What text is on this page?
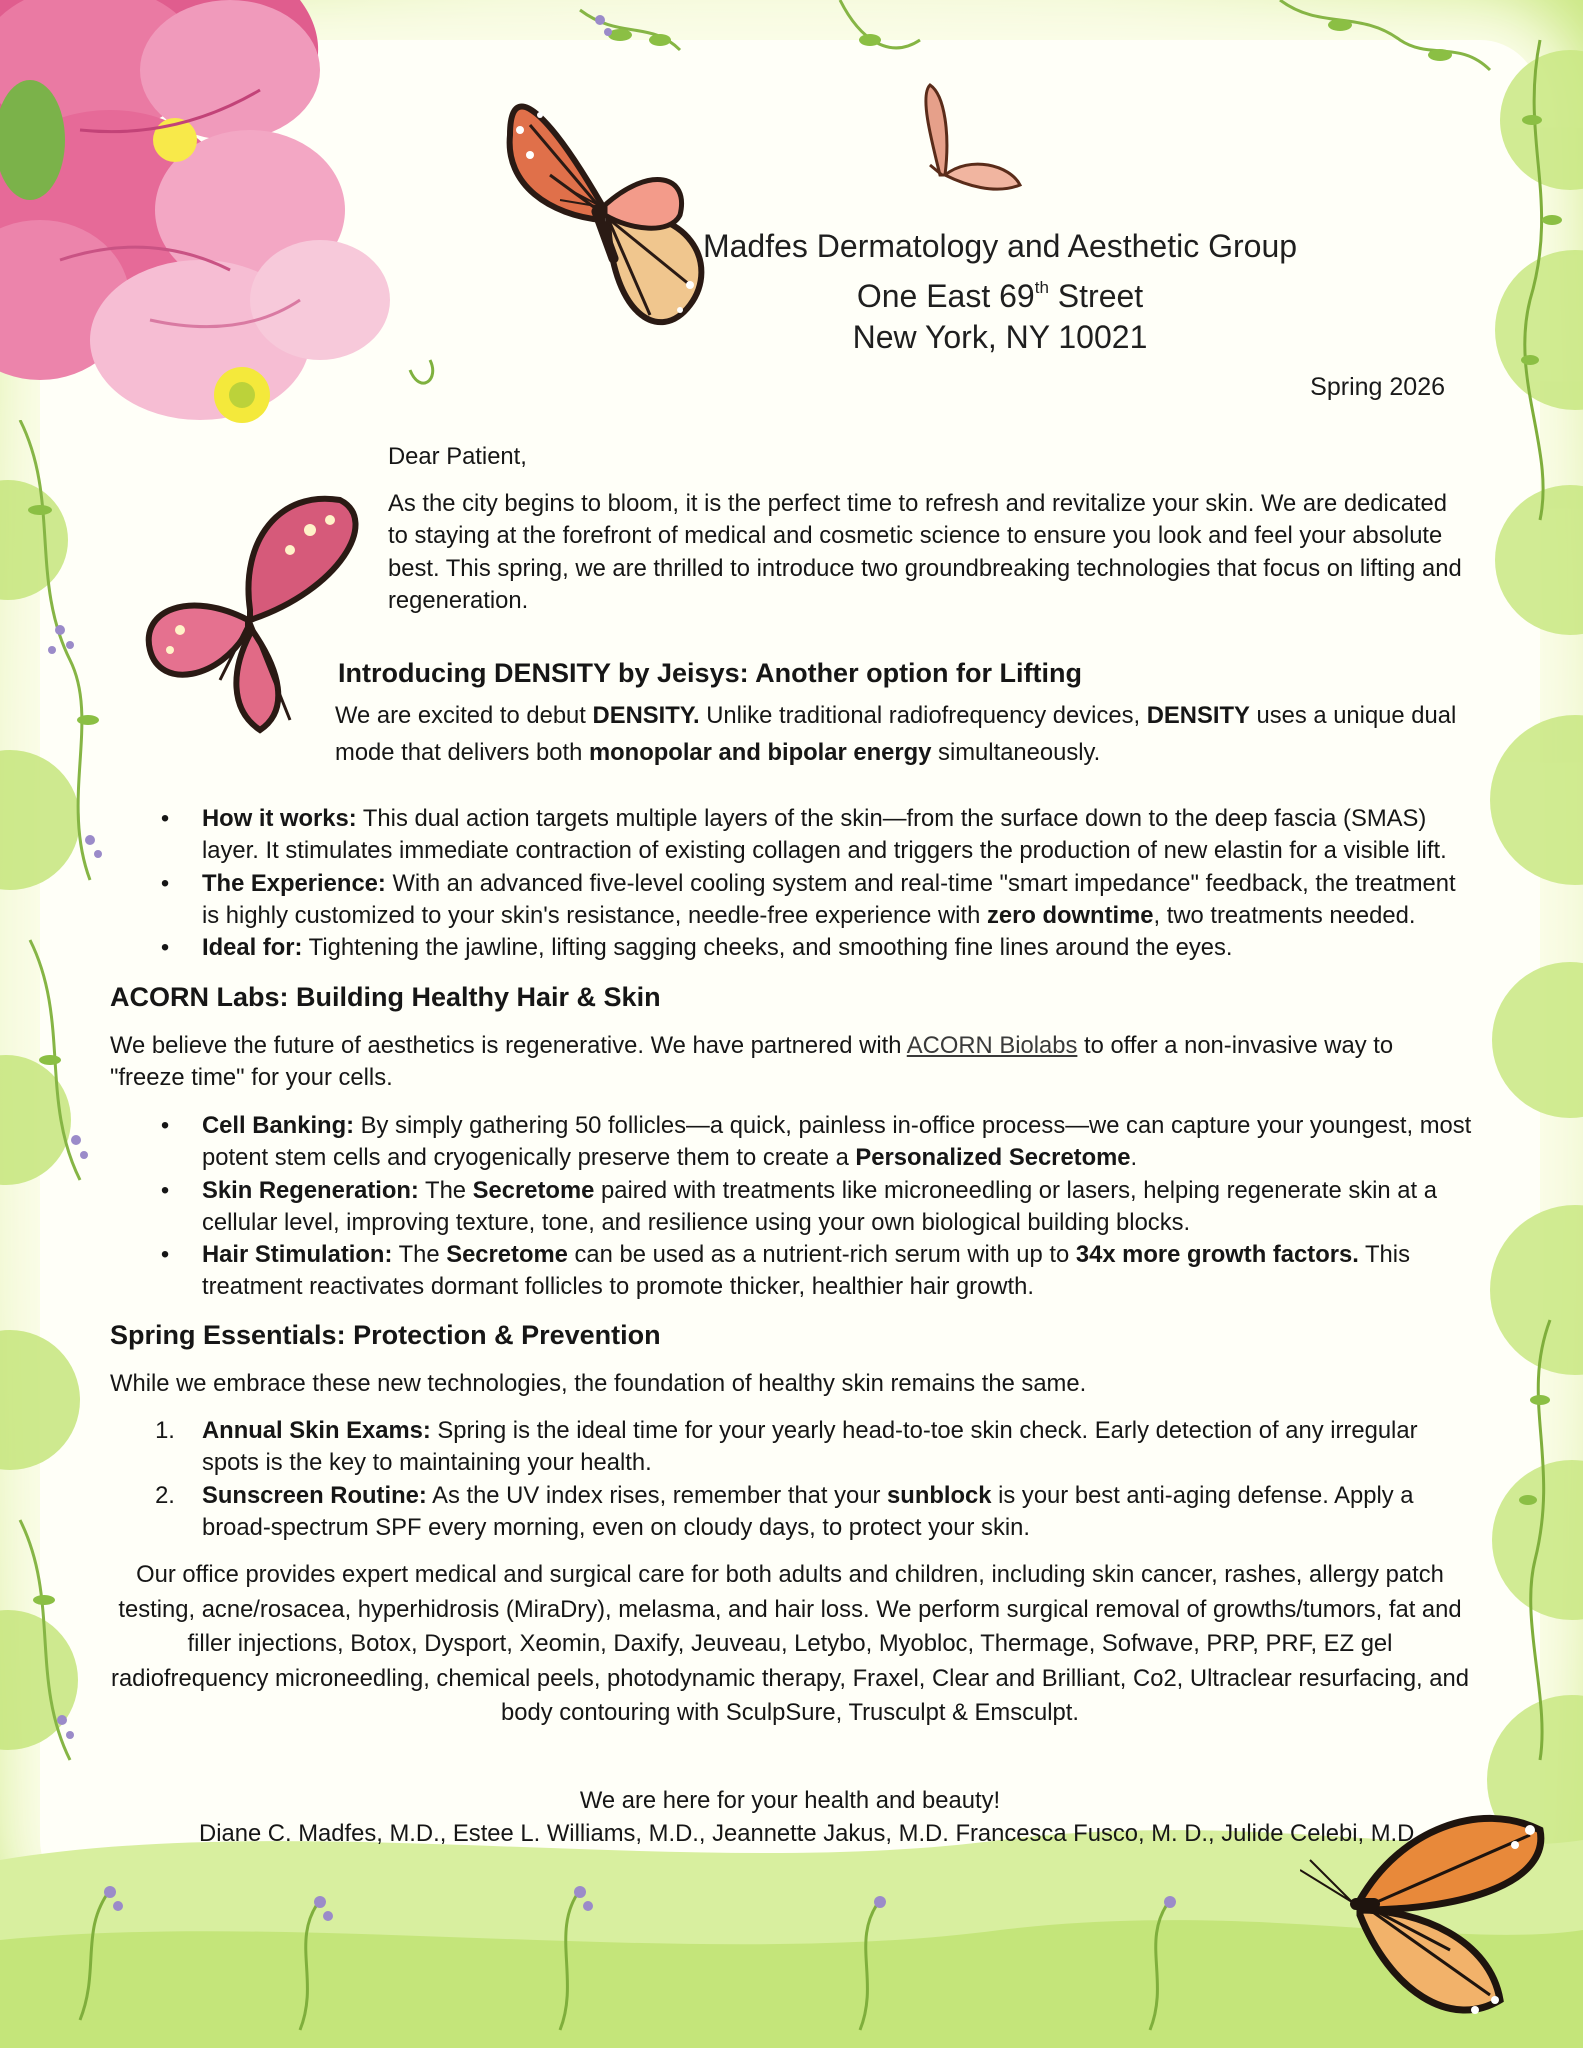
Madfes Dermatology and Aesthetic Group
One East 69th Street
New York, NY 10021
Spring 2026
Dear Patient,
As the city begins to bloom, it is the perfect time to refresh and revitalize your skin. We are dedicated to staying at the forefront of medical and cosmetic science to ensure you look and feel your absolute best. This spring, we are thrilled to introduce two groundbreaking technologies that focus on lifting and regeneration.
Introducing DENSITY by Jeisys: Another option for Lifting
We are excited to debut DENSITY. Unlike traditional radiofrequency devices, DENSITY uses a unique dual mode that delivers both monopolar and bipolar energy simultaneously.
• How it works: This dual action targets multiple layers of the skin—from the surface down to the deep fascia (SMAS) layer. It stimulates immediate contraction of existing collagen and triggers the production of new elastin for a visible lift.
• The Experience: With an advanced five-level cooling system and real-time "smart impedance" feedback, the treatment is highly customized to your skin's resistance, needle-free experience with zero downtime, two treatments needed.
• Ideal for: Tightening the jawline, lifting sagging cheeks, and smoothing fine lines around the eyes.
ACORN Labs: Building Healthy Hair & Skin
We believe the future of aesthetics is regenerative. We have partnered with ACORN Biolabs to offer a non-invasive way to "freeze time" for your cells.
• Cell Banking: By simply gathering 50 follicles—a quick, painless in-office process—we can capture your youngest, most potent stem cells and cryogenically preserve them to create a Personalized Secretome.
• Skin Regeneration: The Secretome paired with treatments like microneedling or lasers, helping regenerate skin at a cellular level, improving texture, tone, and resilience using your own biological building blocks.
• Hair Stimulation: The Secretome can be used as a nutrient-rich serum with up to 34x more growth factors. This treatment reactivates dormant follicles to promote thicker, healthier hair growth.
Spring Essentials: Protection & Prevention
While we embrace these new technologies, the foundation of healthy skin remains the same.
1. Annual Skin Exams: Spring is the ideal time for your yearly head-to-toe skin check. Early detection of any irregular spots is the key to maintaining your health.
2. Sunscreen Routine: As the UV index rises, remember that your sunblock is your best anti-aging defense. Apply a broad-spectrum SPF every morning, even on cloudy days, to protect your skin.
Our office provides expert medical and surgical care for both adults and children, including skin cancer, rashes, allergy patch testing, acne/rosacea, hyperhidrosis (MiraDry), melasma, and hair loss. We perform surgical removal of growths/tumors, fat and filler injections, Botox, Dysport, Xeomin, Daxify, Jeuveau, Letybo, Myobloc, Thermage, Sofwave, PRP, PRF, EZ gel radiofrequency microneedling, chemical peels, photodynamic therapy, Fraxel, Clear and Brilliant, Co2, Ultraclear resurfacing, and body contouring with SculpSure, Trusculpt & Emsculpt.
We are here for your health and beauty!
Diane C. Madfes, M.D., Estee L. Williams, M.D., Jeannette Jakus, M.D. Francesca Fusco, M. D., Julide Celebi, M.D.
